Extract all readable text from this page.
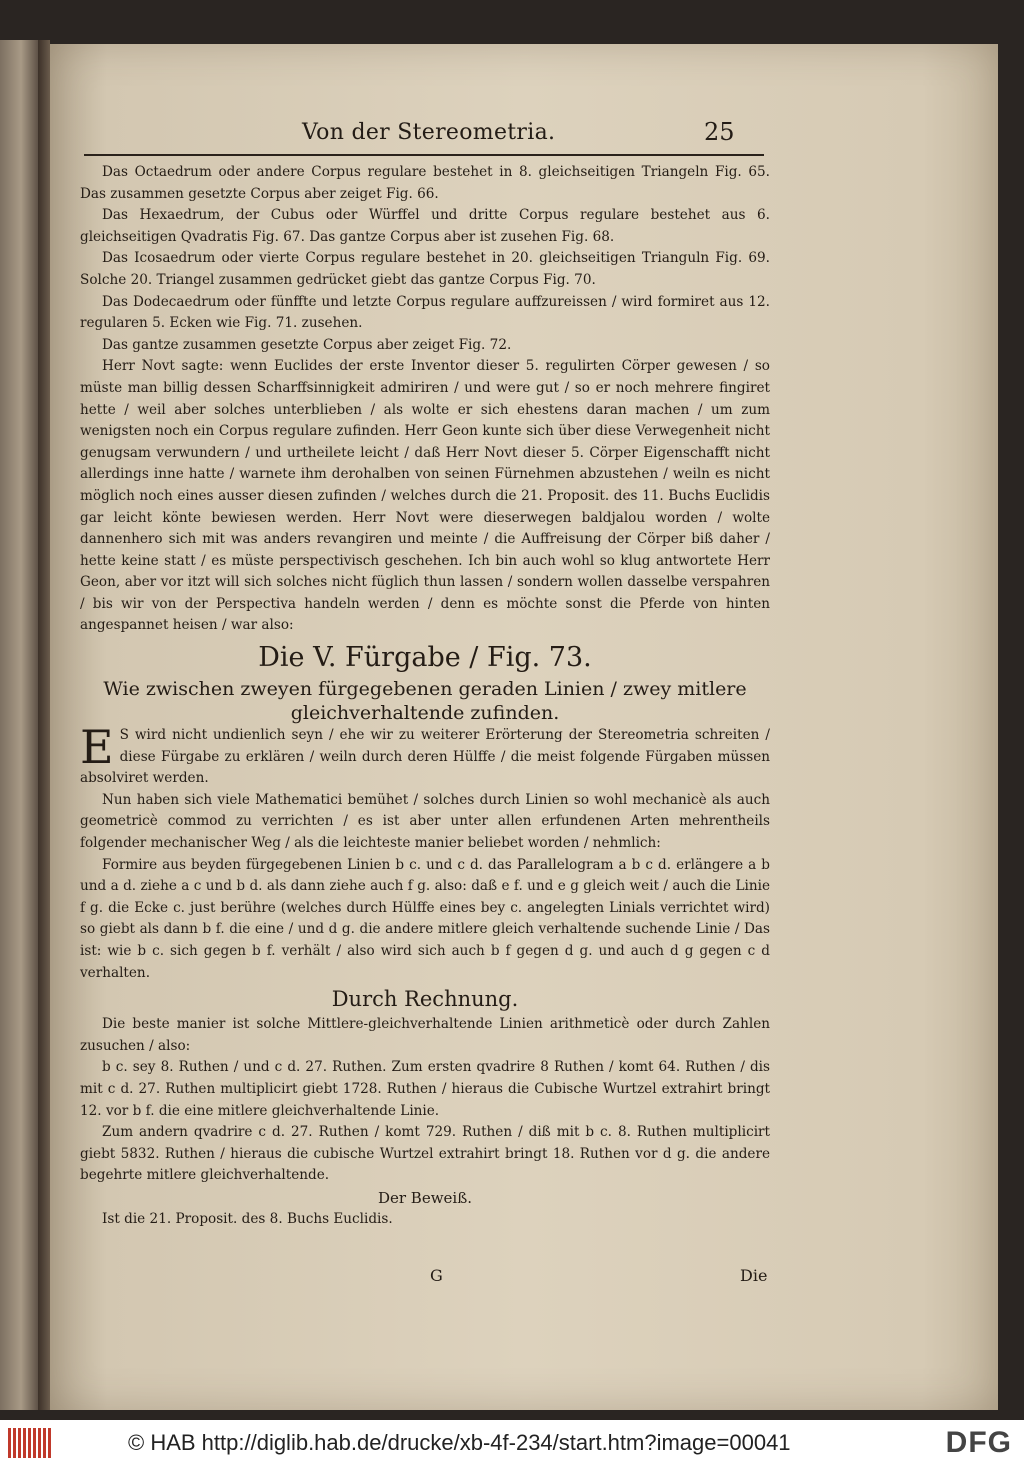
Von der Stereometria.	25

Das Octaedrum oder andere Corpus regulare bestehet in 8. gleichseitigen Triangeln Fig. 65. Das zusammen gesetzte Corpus aber zeiget Fig. 66.

Das Hexaedrum, der Cubus oder Würffel und dritte Corpus regulare bestehet aus 6. gleichseitigen Qvadratis Fig. 67. Das gantze Corpus aber ist zusehen Fig. 68.

Das Icosaedrum oder vierte Corpus regulare bestehet in 20. gleichseitigen Trianguln Fig. 69. Solche 20. Triangel zusammen gedrücket giebt das gantze Corpus Fig. 70.

Das Dodecaedrum oder fünffte und letzte Corpus regulare auffzureissen / wird formiret aus 12. regularen 5. Ecken wie Fig. 71. zusehen.

Das gantze zusammen gesetzte Corpus aber zeiget Fig. 72.

Herr Novt sagte: wenn Euclides der erste Inventor dieser 5. regulirten Cörper gewesen / so müste man billig dessen Scharffsinnigkeit admiriren / und were gut / so er noch mehrere fingiret hette / weil aber solches unterblieben / als wolte er sich ehestens daran machen / um zum wenigsten noch ein Corpus regulare zufinden. Herr Geon kunte sich über diese Verwegenheit nicht genugsam verwundern / und urtheilete leicht / daß Herr Novt dieser 5. Cörper Eigenschafft nicht allerdings inne hatte / warnete ihm derohalben von seinen Fürnehmen abzustehen / weiln es nicht möglich noch eines ausser diesen zufinden / welches durch die 21. Proposit. des 11. Buchs Euclidis gar leicht könte bewiesen werden. Herr Novt were dieserwegen baldjalou worden / wolte dannenhero sich mit was anders revangiren und meinte / die Auffreisung der Cörper biß daher / hette keine statt / es müste perspectivisch geschehen. Ich bin auch wohl so klug antwortete Herr Geon, aber vor itzt will sich solches nicht füglich thun lassen / sondern wollen dasselbe verspahren / bis wir von der Perspectiva handeln werden / denn es möchte sonst die Pferde von hinten angespannet heisen / war also:

Die V. Fürgabe / Fig. 73.
Wie zwischen zweyen fürgegebenen geraden Linien / zwey mitlere gleichverhaltende zufinden.

E S wird nicht undienlich seyn / ehe wir zu weiterer Erörterung der Stereometria schreiten / diese Fürgabe zu erklären / weiln durch deren Hülffe / die meist folgende Fürgaben müssen absolviret werden.

Nun haben sich viele Mathematici bemühet / solches durch Linien so wohl mechanicè als auch geometricè commod zu verrichten / es ist aber unter allen erfundenen Arten mehrentheils folgender mechanischer Weg / als die leichteste manier beliebet worden / nehmlich:

Formire aus beyden fürgegebenen Linien b c. und c d. das Parallelogram a b c d. erlängere a b und a d. ziehe a c und b d. als dann ziehe auch f g. also: daß e f. und e g gleich weit / auch die Linie f g. die Ecke c. just berühre (welches durch Hülffe eines bey c. angelegten Linials verrichtet wird) so giebt als dann b f. die eine / und d g. die andere mitlere gleich verhaltende suchende Linie / Das ist: wie b c. sich gegen b f. verhält / also wird sich auch b f gegen d g. und auch d g gegen c d verhalten.

Durch Rechnung.

Die beste manier ist solche Mittlere-gleichverhaltende Linien arithmeticè oder durch Zahlen zusuchen / also:

b c. sey 8. Ruthen / und c d. 27. Ruthen. Zum ersten qvadrire 8 Ruthen / komt 64. Ruthen / dis mit c d. 27. Ruthen multiplicirt giebt 1728. Ruthen / hieraus die Cubische Wurtzel extrahirt bringt 12. vor b f. die eine mitlere gleichverhaltende Linie.

Zum andern qvadrire c d. 27. Ruthen / komt 729. Ruthen / diß mit b c. 8. Ruthen multiplicirt giebt 5832. Ruthen / hieraus die cubische Wurtzel extrahirt bringt 18. Ruthen vor d g. die andere begehrte mitlere gleichverhaltende.

Der Beweiß.

Ist die 21. Proposit. des 8. Buchs Euclidis.

G	Die
© HAB http://diglib.hab.de/drucke/xb-4f-234/start.htm?image=00041	DFG
